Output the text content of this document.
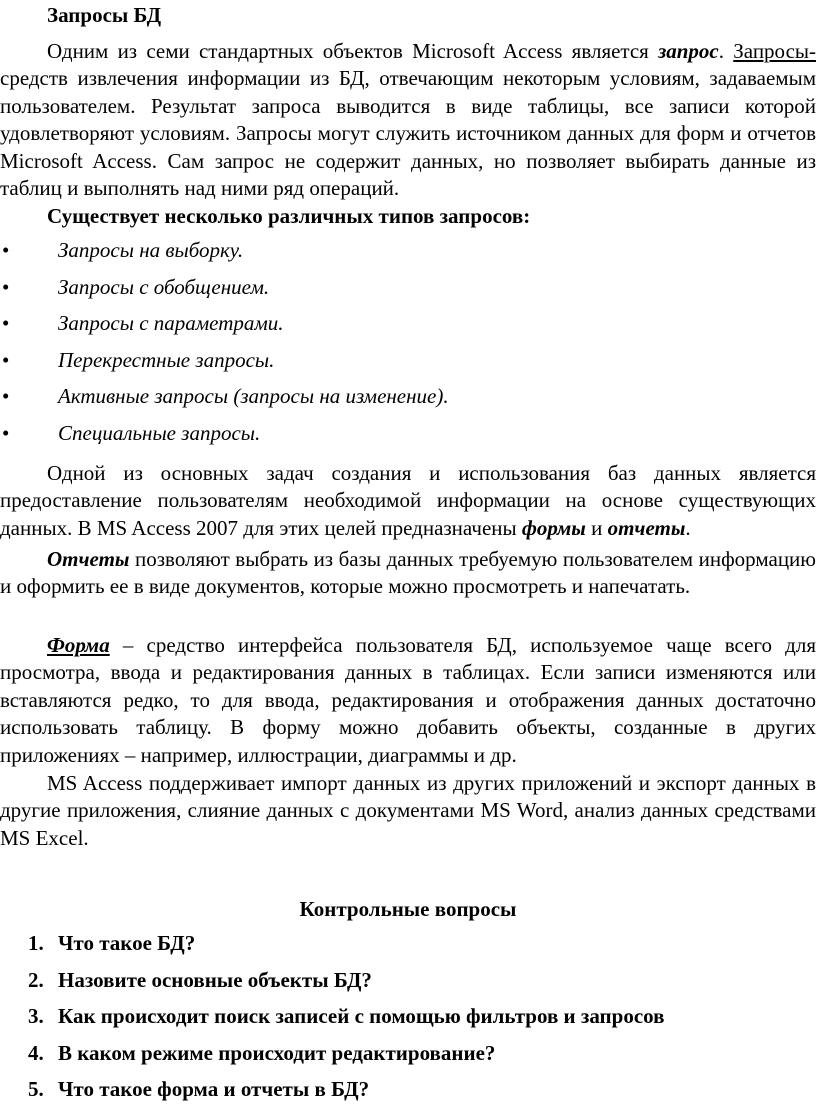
Запросы БД

Одним из семи стандартных объектов Microsoft Access является запрос. Запросы- средств извлечения информации из БД, отвечающим некоторым условиям, задаваемым пользователем. Результат запроса выводится в виде таблицы, все записи которой удовлетворяют условиям. Запросы могут служить источником данных для форм и отчетов Microsoft Access. Сам запрос не содержит данных, но позволяет выбирать данные из таблиц и выполнять над ними ряд операций.

Существует несколько различных типов запросов:

• Запросы на выборку.
• Запросы с обобщением.
• Запросы с параметрами.
• Перекрестные запросы.
• Активные запросы (запросы на изменение).
• Специальные запросы.

Одной из основных задач создания и использования баз данных является предоставление пользователям необходимой информации на основе существующих данных. В MS Access 2007 для этих целей предназначены формы и отчеты.

Отчеты позволяют выбрать из базы данных требуемую пользователем информацию и оформить ее в виде документов, которые можно просмотреть и напечатать.

Форма – средство интерфейса пользователя БД, используемое чаще всего для просмотра, ввода и редактирования данных в таблицах. Если записи изменяются или вставляются редко, то для ввода, редактирования и отображения данных достаточно использовать таблицу. В форму можно добавить объекты, созданные в других приложениях – например, иллюстрации, диаграммы и др.

MS Access поддерживает импорт данных из других приложений и экспорт данных в другие приложения, слияние данных с документами MS Word, анализ данных средствами MS Excel.

Контрольные вопросы

1. Что такое БД?
2. Назовите основные объекты БД?
3. Как происходит поиск записей с помощью фильтров и запросов
4. В каком режиме происходит редактирование?
5. Что такое форма и отчеты в БД?
